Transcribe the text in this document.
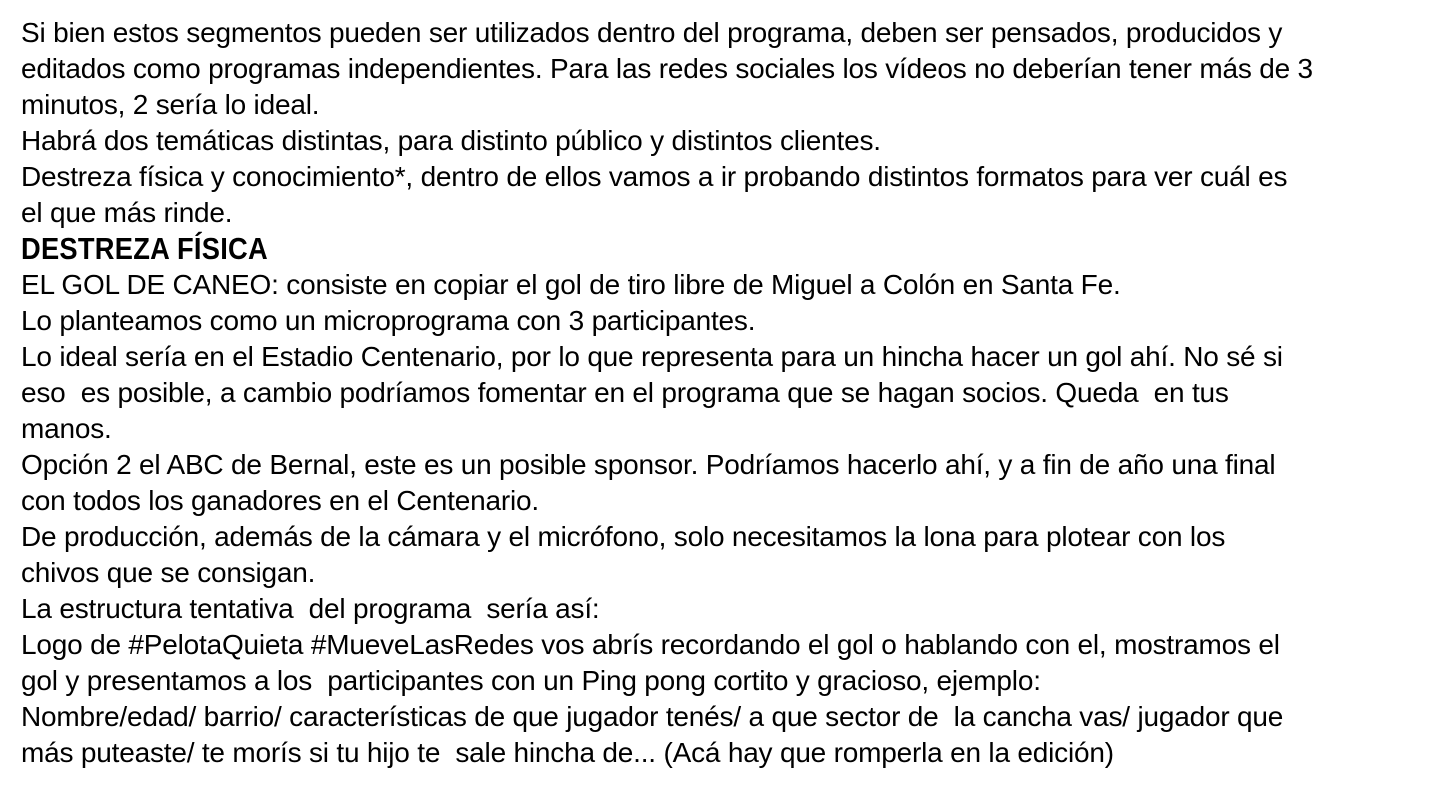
Si bien estos segmentos pueden ser utilizados dentro del programa, deben ser pensados, producidos y

editados como programas independientes. Para las redes sociales los vídeos no deberían tener más de 3

minutos, 2 sería lo ideal.

Habrá dos temáticas distintas, para distinto público y distintos clientes.

Destreza física y conocimiento*, dentro de ellos vamos a ir probando distintos formatos para ver cuál es

el que más rinde.

DESTREZA FÍSICA

EL GOL DE CANEO: consiste en copiar el gol de tiro libre de Miguel a Colón en Santa Fe.

Lo planteamos como un microprograma con 3 participantes.

Lo ideal sería en el Estadio Centenario, por lo que representa para un hincha hacer un gol ahí. No sé si

eso  es posible, a cambio podríamos fomentar en el programa que se hagan socios. Queda  en tus

manos.

Opción 2 el ABC de Bernal, este es un posible sponsor. Podríamos hacerlo ahí, y a fin de año una final

con todos los ganadores en el Centenario.

De producción, además de la cámara y el micrófono, solo necesitamos la lona para plotear con los

chivos que se consigan.

La estructura tentativa  del programa  sería así:

Logo de #PelotaQuieta #MueveLasRedes vos abrís recordando el gol o hablando con el, mostramos el

gol y presentamos a los  participantes con un Ping pong cortito y gracioso, ejemplo:

Nombre/edad/ barrio/ características de que jugador tenés/ a que sector de  la cancha vas/ jugador que

más puteaste/ te morís si tu hijo te  sale hincha de... (Acá hay que romperla en la edición)
